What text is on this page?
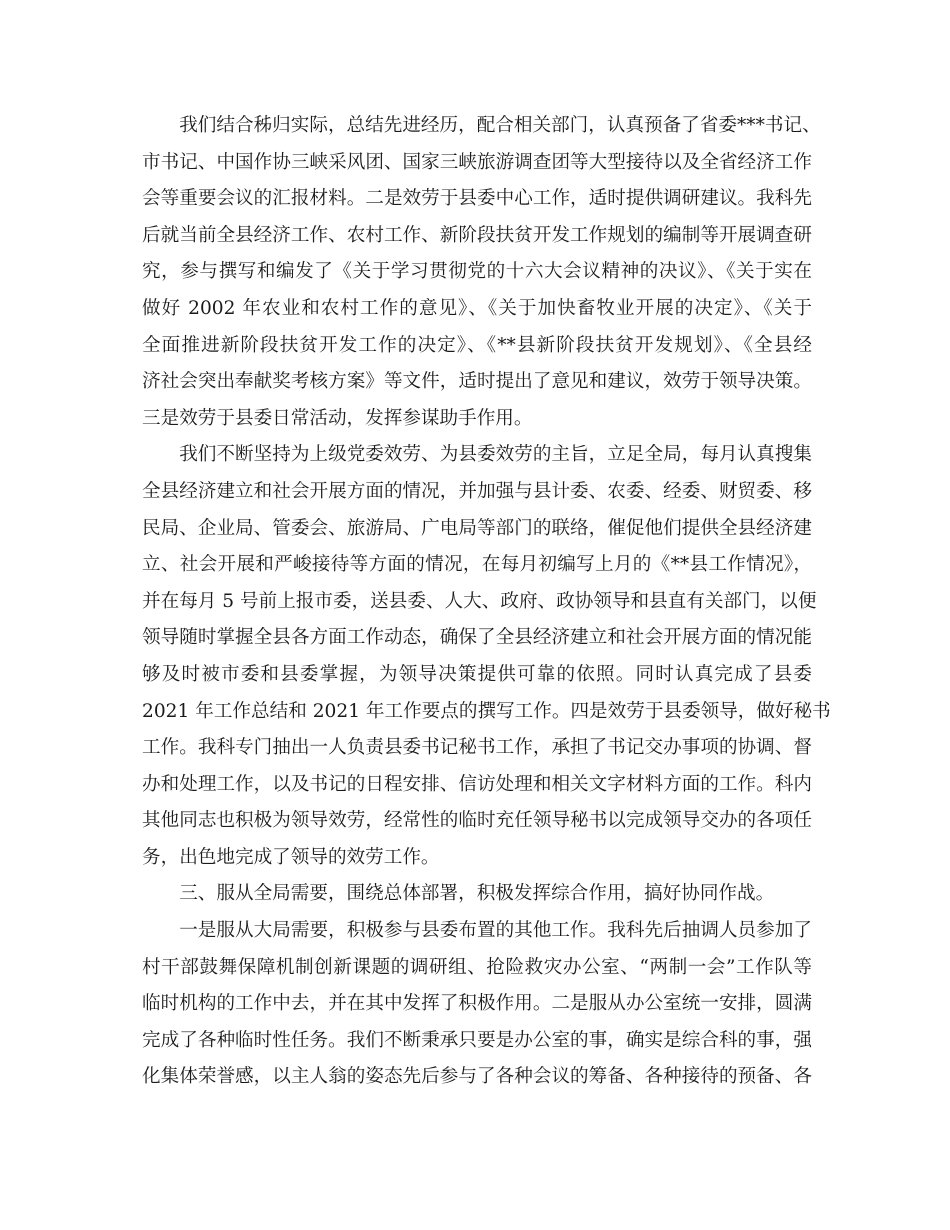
我们结合秭归实际，总结先进经历，配合相关部门，认真预备了省委***书记、
市书记、中国作协三峡采风团、国家三峡旅游调查团等大型接待以及全省经济工作
会等重要会议的汇报材料。二是效劳于县委中心工作，适时提供调研建议。我科先
后就当前全县经济工作、农村工作、新阶段扶贫开发工作规划的编制等开展调查研
究，参与撰写和编发了《关于学习贯彻党的十六大会议精神的决议》、《关于实在
做好 2002 年农业和农村工作的意见》、《关于加快畜牧业开展的决定》、《关于
全面推进新阶段扶贫开发工作的决定》、《**县新阶段扶贫开发规划》、《全县经
济社会突出奉献奖考核方案》等文件，适时提出了意见和建议，效劳于领导决策。
三是效劳于县委日常活动，发挥参谋助手作用。
我们不断坚持为上级党委效劳、为县委效劳的主旨，立足全局，每月认真搜集
全县经济建立和社会开展方面的情况，并加强与县计委、农委、经委、财贸委、移
民局、企业局、管委会、旅游局、广电局等部门的联络，催促他们提供全县经济建
立、社会开展和严峻接待等方面的情况，在每月初编写上月的《**县工作情况》，
并在每月 5 号前上报市委，送县委、人大、政府、政协领导和县直有关部门，以便
领导随时掌握全县各方面工作动态，确保了全县经济建立和社会开展方面的情况能
够及时被市委和县委掌握，为领导决策提供可靠的依照。同时认真完成了县委
2021 年工作总结和 2021 年工作要点的撰写工作。四是效劳于县委领导，做好秘书
工作。我科专门抽出一人负责县委书记秘书工作，承担了书记交办事项的协调、督
办和处理工作，以及书记的日程安排、信访处理和相关文字材料方面的工作。科内
其他同志也积极为领导效劳，经常性的临时充任领导秘书以完成领导交办的各项任
务，出色地完成了领导的效劳工作。
三、服从全局需要，围绕总体部署，积极发挥综合作用，搞好协同作战。
一是服从大局需要，积极参与县委布置的其他工作。我科先后抽调人员参加了
村干部鼓舞保障机制创新课题的调研组、抢险救灾办公室、“两制一会”工作队等
临时机构的工作中去，并在其中发挥了积极作用。二是服从办公室统一安排，圆满
完成了各种临时性任务。我们不断秉承只要是办公室的事，确实是综合科的事，强
化集体荣誉感，以主人翁的姿态先后参与了各种会议的筹备、各种接待的预备、各
